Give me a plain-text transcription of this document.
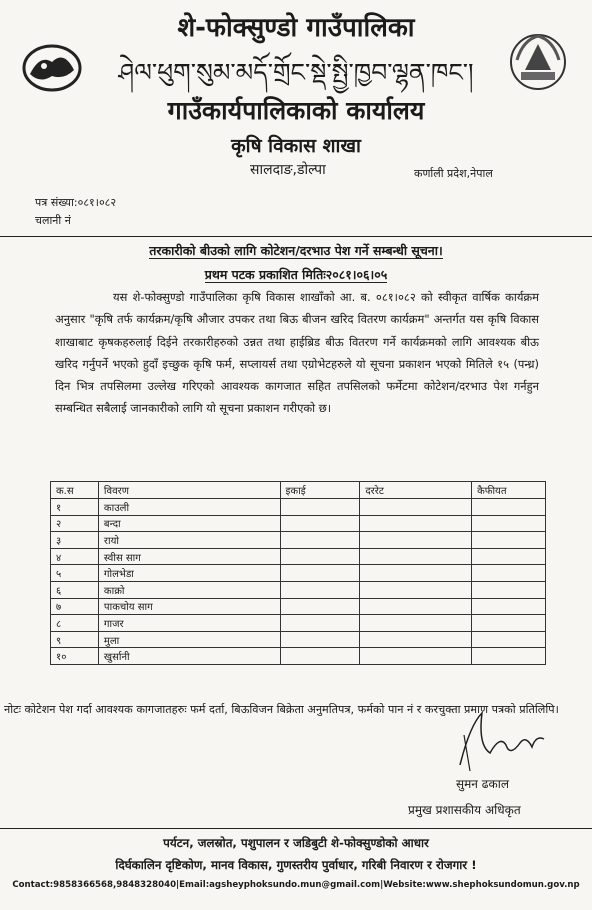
शे-फोक्सुण्डो गाउँपालिका
ཤེལ་ཕུག་སུམ་མདོ་གྲོང་སྡེ་སྤྱི་ཁྱབ་ལྷན་ཁང་།
गाउँकार्यपालिकाको कार्यालय
कृषि विकास शाखा
सालदाङ,डोल्पा	कर्णाली प्रदेश,नेपाल
पत्र संख्या:०८१।०८२
चलानी नं
तरकारीको बीउको लागि कोटेशन/दरभाउ पेश गर्ने सम्बन्धी सूचना।
प्रथम पटक प्रकाशित मितिः२०८१।०६।०५
यस शे-फोक्सुण्डो गाउँपालिका कृषि विकास शाखाँको आ. ब. ०८१।०८२ को स्वीकृत वार्षिक कार्यक्रम अनुसार "कृषि तर्फ कार्यक्रम/कृषि औजार उपकर तथा बिऊ बीजन खरिद वितरण कार्यक्रम" अन्तर्गत यस कृषि विकास शाखाबाट कृषकहरुलाई दिईने तरकारीहरुको उन्नत तथा हाईब्रिड बीऊ वितरण गर्ने कार्यक्रमको लागि आवश्यक बीऊ खरिद गर्नुपर्ने भएको हुदाँ इच्छुक कृषि फर्म, सप्लायर्स तथा एग्रोभेटहरुले यो सूचना प्रकाशन भएको मितिले १५ (पन्ध्र) दिन भित्र तपसिलमा उल्लेख गरिएको आवश्यक कागजात सहित तपसिलको फर्मेटमा कोटेशन/दरभाउ पेश गर्नहुन सम्बन्धित सबैलाई जानकारीको लागि यो सूचना प्रकाशन गरीएको छ।
क.स	विवरण	इकाई	दररेट	कैफीयत
१	काउली			
२	बन्दा			
३	रायो			
४	स्वीस साग			
५	गोलभेडा			
६	काक्रो			
७	पाकचोय साग			
८	गाजर			
९	मुला			
१०	खुर्सानी			
नोटः कोटेशन पेश गर्दा आवश्यक कागजातहरुः फर्म दर्ता, बिऊविजन बिक्रेता अनुमतिपत्र, फर्मको पान नं र करचुक्ता प्रमाण पत्रको प्रतिलिपि।
सुमन ढकाल
प्रमुख प्रशासकीय अधिकृत
पर्यटन, जलस्रोत, पशुपालन र जडिबुटी शे-फोक्सुण्डोको आधार
दिर्घकालिन दृष्टिकोण, मानव विकास, गुणस्तरीय पुर्वाधार, गरिबी निवारण र रोजगार !
Contact:9858366568,9848328040|Email:agsheyphoksundo.mun@gmail.com|Website:www.shephoksundomun.gov.np
